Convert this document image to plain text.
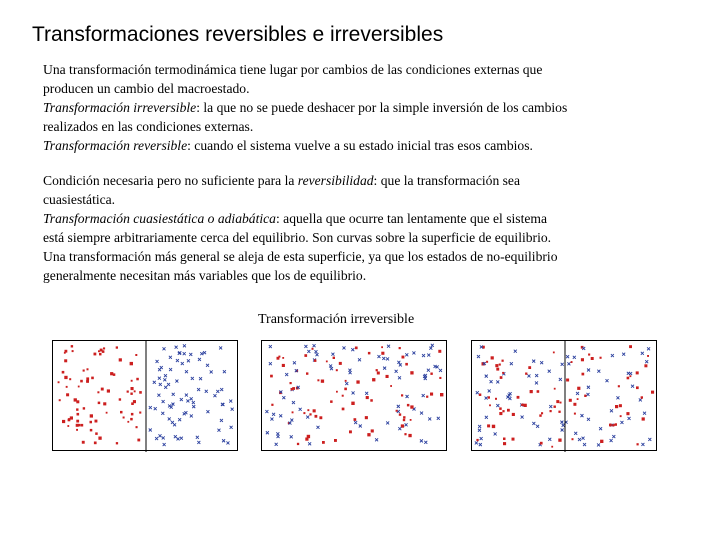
Transformaciones reversibles e irreversibles
Una transformación termodinámica tiene lugar por cambios de las condiciones externas que
producen un cambio del macroestado.
Transformación irreversible: la que no se puede deshacer por la simple inversión de los cambios
realizados en las condiciones externas.
Transformación reversible: cuando el sistema vuelve a su estado inicial tras esos cambios.
Condición necesaria pero no suficiente para la reversibilidad: que la transformación sea
cuasiestática.
Transformación cuasiestática o adiabática: aquella que ocurre tan lentamente que el sistema
está siempre arbitrariamente cerca del equilibrio. Son curvas sobre la superficie de equilibrio.
Una transformación más general se aleja de esta superficie, ya que los estados de no-equilibrio
generalmente necesitan más variables que los de equilibrio.
Transformación irreversible
